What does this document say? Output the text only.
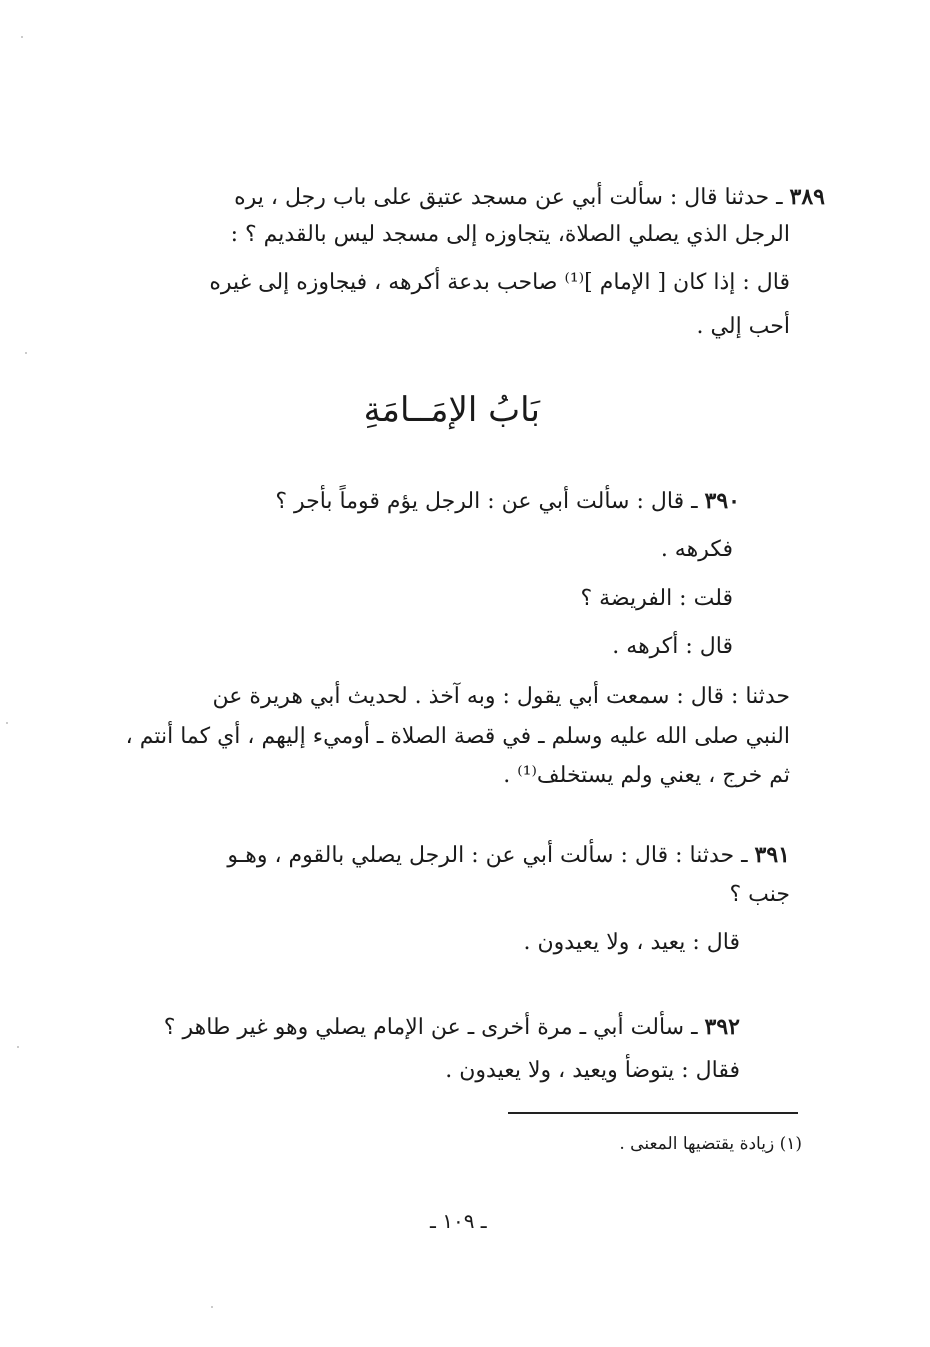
٣٨٩ ـ حدثنا قال : سألت أبي عن مسجد عتيق على باب رجل ، يره
الرجل الذي يصلي الصلاة، يتجاوزه إلى مسجد ليس بالقديم ؟ :
قال : إذا كان [ الإمام ]⁽¹⁾ صاحب بدعة أكرهه ، فيجاوزه إلى غيره
أحب إلي .
بَابُ الإمَــامَةِ
٣٩٠ ـ قال : سألت أبي عن : الرجل يؤم قوماً بأجر ؟
فكرهه .
قلت : الفريضة ؟
قال : أكرهه .
حدثنا : قال : سمعت أبي يقول : وبه آخذ . لحديث أبي هريرة عن
النبي صلى الله عليه وسلم ـ في قصة الصلاة ـ أوميء إليهم ، أي كما أنتم ،
ثم خرج ، يعني ولم يستخلف⁽¹⁾ .
٣٩١ ـ حدثنا : قال : سألت أبي عن : الرجل يصلي بالقوم ، وهـو
جنب ؟
قال : يعيد ، ولا يعيدون .
٣٩٢ ـ سألت أبي ـ مرة أخرى ـ عن الإمام يصلي وهو غير طاهر ؟
فقال : يتوضأ ويعيد ، ولا يعيدون .
(١) زيادة يقتضيها المعنى .
ـ ١٠٩ ـ
